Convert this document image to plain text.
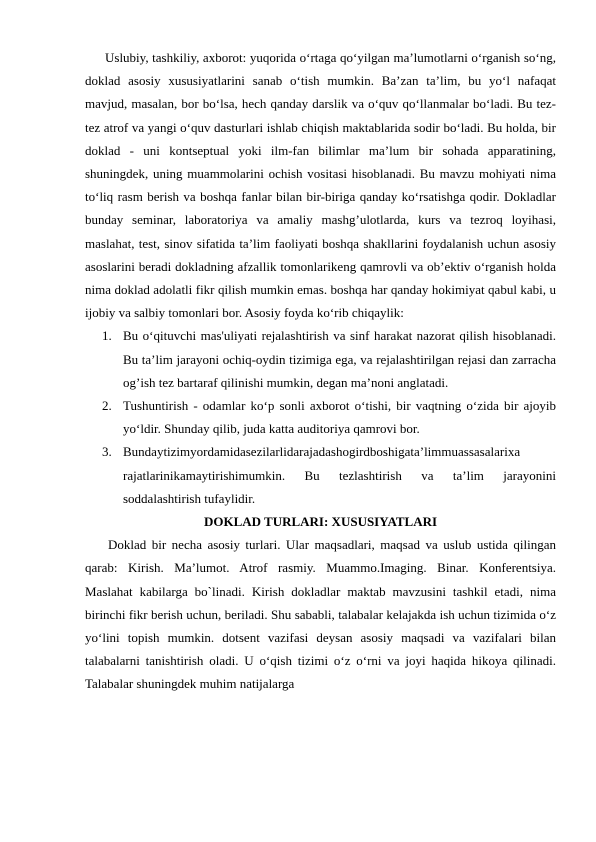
Uslubiy, tashkiliy, axborot: yuqorida o‘rtaga qo‘yilgan ma’lumotlarni o‘rganish so‘ng, doklad asosiy xususiyatlarini sanab o‘tish mumkin. Ba’zan ta’lim, bu yo‘l nafaqat mavjud, masalan, bor bo‘lsa, hech qanday darslik va o‘quv qo‘llanmalar bo‘ladi. Bu tez-tez atrof va yangi o‘quv dasturlari ishlab chiqish maktablarida sodir bo‘ladi. Bu holda, bir doklad - uni kontseptual yoki ilm-fan bilimlar ma’lum bir sohada apparatining, shuningdek, uning muammolarini ochish vositasi hisoblanadi. Bu mavzu mohiyati nima to‘liq rasm berish va boshqa fanlar bilan bir-biriga qanday ko‘rsatishga qodir. Dokladlar bunday seminar, laboratoriya va amaliy mashg’ulotlarda, kurs va tezroq loyihasi, maslahat, test, sinov sifatida ta’lim faoliyati boshqa shakllarini foydalanish uchun asosiy asoslarini beradi dokladning afzallik tomonlarikeng qamrovli va ob’ektiv o‘rganish holda nima doklad adolatli fikr qilish mumkin emas. boshqa har qanday hokimiyat qabul kabi, u ijobiy va salbiy tomonlari bor. Asosiy foyda ko‘rib chiqaylik:

1. Bu o‘qituvchi mas'uliyati rejalashtirish va sinf harakat nazorat qilish hisoblanadi. Bu ta’lim jarayoni ochiq-oydin tizimiga ega, va rejalashtirilgan rejasi dan zarracha og’ish tez bartaraf qilinishi mumkin, degan ma’noni anglatadi.
2. Tushuntirish - odamlar ko‘p sonli axborot o‘tishi, bir vaqtning o‘zida bir ajoyib yo‘ldir. Shunday qilib, juda katta auditoriya qamrovi bor.
3. Bundaytizimyordamidasezilarlidarajadashogirdboshigata’limmuassasalarixa rajatlarinikamaytirishimumkin. Bu tezlashtirish va ta’lim jarayonini soddalashtirish tufaylidir.

DOKLAD TURLARI: XUSUSIYATLARI

Doklad bir necha asosiy turlari. Ular maqsadlari, maqsad va uslub ustida qilingan qarab: Kirish. Ma’lumot. Atrof rasmiy. Muammo.Imaging. Binar. Konferentsiya. Maslahat kabilarga bo`linadi. Kirish dokladlar maktab mavzusini tashkil etadi, nima birinchi fikr berish uchun, beriladi. Shu sababli, talabalar kelajakda ish uchun tizimida o‘z yo‘lini topish mumkin. dotsent vazifasi deysan asosiy maqsadi va vazifalari bilan talabalarni tanishtirish oladi. U o‘qish tizimi o‘z o‘rni va joyi haqida hikoya qilinadi. Talabalar shuningdek muhim natijalarga
